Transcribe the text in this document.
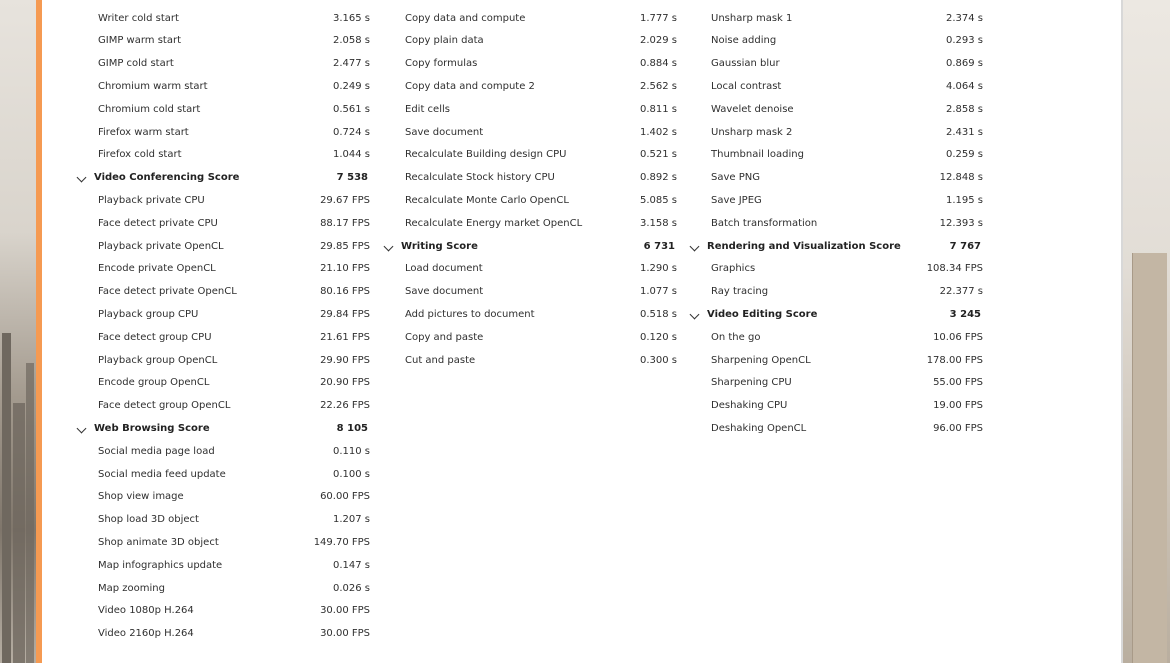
Writer cold start	3.165 s
GIMP warm start	2.058 s
GIMP cold start	2.477 s
Chromium warm start	0.249 s
Chromium cold start	0.561 s
Firefox warm start	0.724 s
Firefox cold start	1.044 s
Video Conferencing Score	7 538
Playback private CPU	29.67 FPS
Face detect private CPU	88.17 FPS
Playback private OpenCL	29.85 FPS
Encode private OpenCL	21.10 FPS
Face detect private OpenCL	80.16 FPS
Playback group CPU	29.84 FPS
Face detect group CPU	21.61 FPS
Playback group OpenCL	29.90 FPS
Encode group OpenCL	20.90 FPS
Face detect group OpenCL	22.26 FPS
Web Browsing Score	8 105
Social media page load	0.110 s
Social media feed update	0.100 s
Shop view image	60.00 FPS
Shop load 3D object	1.207 s
Shop animate 3D object	149.70 FPS
Map infographics update	0.147 s
Map zooming	0.026 s
Video 1080p H.264	30.00 FPS
Video 2160p H.264	30.00 FPS
Copy data and compute	1.777 s
Copy plain data	2.029 s
Copy formulas	0.884 s
Copy data and compute 2	2.562 s
Edit cells	0.811 s
Save document	1.402 s
Recalculate Building design CPU	0.521 s
Recalculate Stock history CPU	0.892 s
Recalculate Monte Carlo OpenCL	5.085 s
Recalculate Energy market OpenCL	3.158 s
Writing Score	6 731
Load document	1.290 s
Save document	1.077 s
Add pictures to document	0.518 s
Copy and paste	0.120 s
Cut and paste	0.300 s
Unsharp mask 1	2.374 s
Noise adding	0.293 s
Gaussian blur	0.869 s
Local contrast	4.064 s
Wavelet denoise	2.858 s
Unsharp mask 2	2.431 s
Thumbnail loading	0.259 s
Save PNG	12.848 s
Save JPEG	1.195 s
Batch transformation	12.393 s
Rendering and Visualization Score	7 767
Graphics	108.34 FPS
Ray tracing	22.377 s
Video Editing Score	3 245
On the go	10.06 FPS
Sharpening OpenCL	178.00 FPS
Sharpening CPU	55.00 FPS
Deshaking CPU	19.00 FPS
Deshaking OpenCL	96.00 FPS
